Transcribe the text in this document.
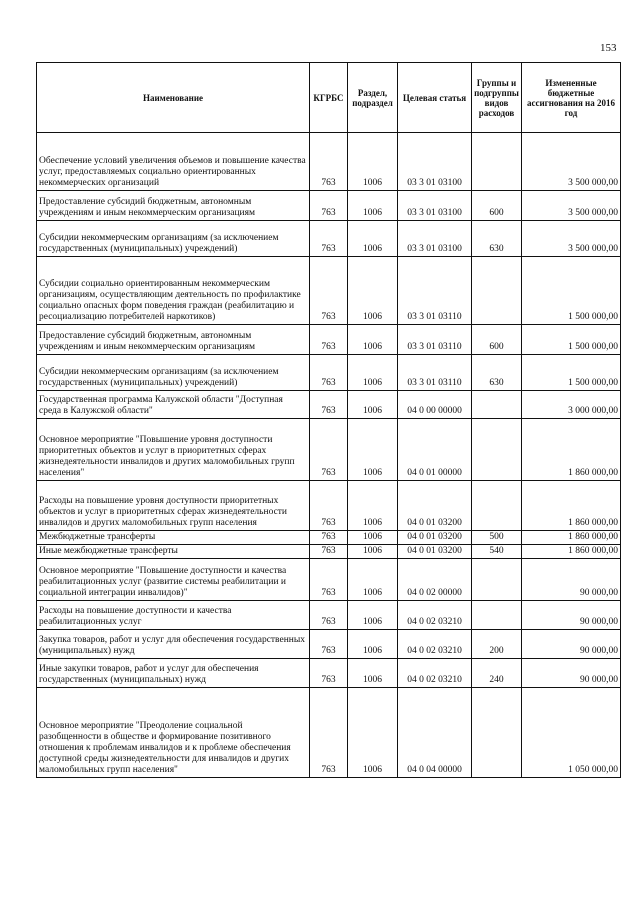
153
Наименование	КГРБС	Раздел, подраздел	Целевая статья	Группы и подгруппы видов расходов	Измененные бюджетные ассигнования на 2016 год
Обеспечение условий увеличения объемов и повышение качества услуг, предоставляемых социально ориентированных некоммерческих организаций	763	1006	03 3 01 03100		3 500 000,00
Предоставление субсидий бюджетным, автономным учреждениям и иным некоммерческим организациям	763	1006	03 3 01 03100	600	3 500 000,00
Субсидии некоммерческим организациям (за исключением государственных (муниципальных) учреждений)	763	1006	03 3 01 03100	630	3 500 000,00
Субсидии социально ориентированным некоммерческим организациям, осуществляющим деятельность по профилактике социально опасных форм поведения граждан (реабилитацию и ресоциализацию потребителей наркотиков)	763	1006	03 3 01 03110		1 500 000,00
Предоставление субсидий бюджетным, автономным учреждениям и иным некоммерческим организациям	763	1006	03 3 01 03110	600	1 500 000,00
Субсидии некоммерческим организациям (за исключением государственных (муниципальных) учреждений)	763	1006	03 3 01 03110	630	1 500 000,00
Государственная программа Калужской области "Доступная среда в Калужской области"	763	1006	04 0 00 00000		3 000 000,00
Основное мероприятие "Повышение уровня доступности приоритетных объектов и услуг в приоритетных сферах жизнедеятельности инвалидов и других маломобильных групп населения"	763	1006	04 0 01 00000		1 860 000,00
Расходы на повышение уровня доступности приоритетных объектов и услуг в приоритетных сферах жизнедеятельности инвалидов и других маломобильных групп населения	763	1006	04 0 01 03200		1 860 000,00
Межбюджетные трансферты	763	1006	04 0 01 03200	500	1 860 000,00
Иные межбюджетные трансферты	763	1006	04 0 01 03200	540	1 860 000,00
Основное мероприятие "Повышение доступности и качества реабилитационных услуг (развитие системы реабилитации и социальной интеграции инвалидов)"	763	1006	04 0 02 00000		90 000,00
Расходы на повышение доступности и качества реабилитационных услуг	763	1006	04 0 02 03210		90 000,00
Закупка товаров, работ и услуг для обеспечения государственных (муниципальных) нужд	763	1006	04 0 02 03210	200	90 000,00
Иные закупки товаров, работ и услуг для обеспечения государственных (муниципальных) нужд	763	1006	04 0 02 03210	240	90 000,00
Основное мероприятие "Преодоление социальной разобщенности в обществе и формирование позитивного отношения к проблемам инвалидов и к проблеме обеспечения доступной среды жизнедеятельности для инвалидов и других маломобильных групп населения"	763	1006	04 0 04 00000		1 050 000,00
